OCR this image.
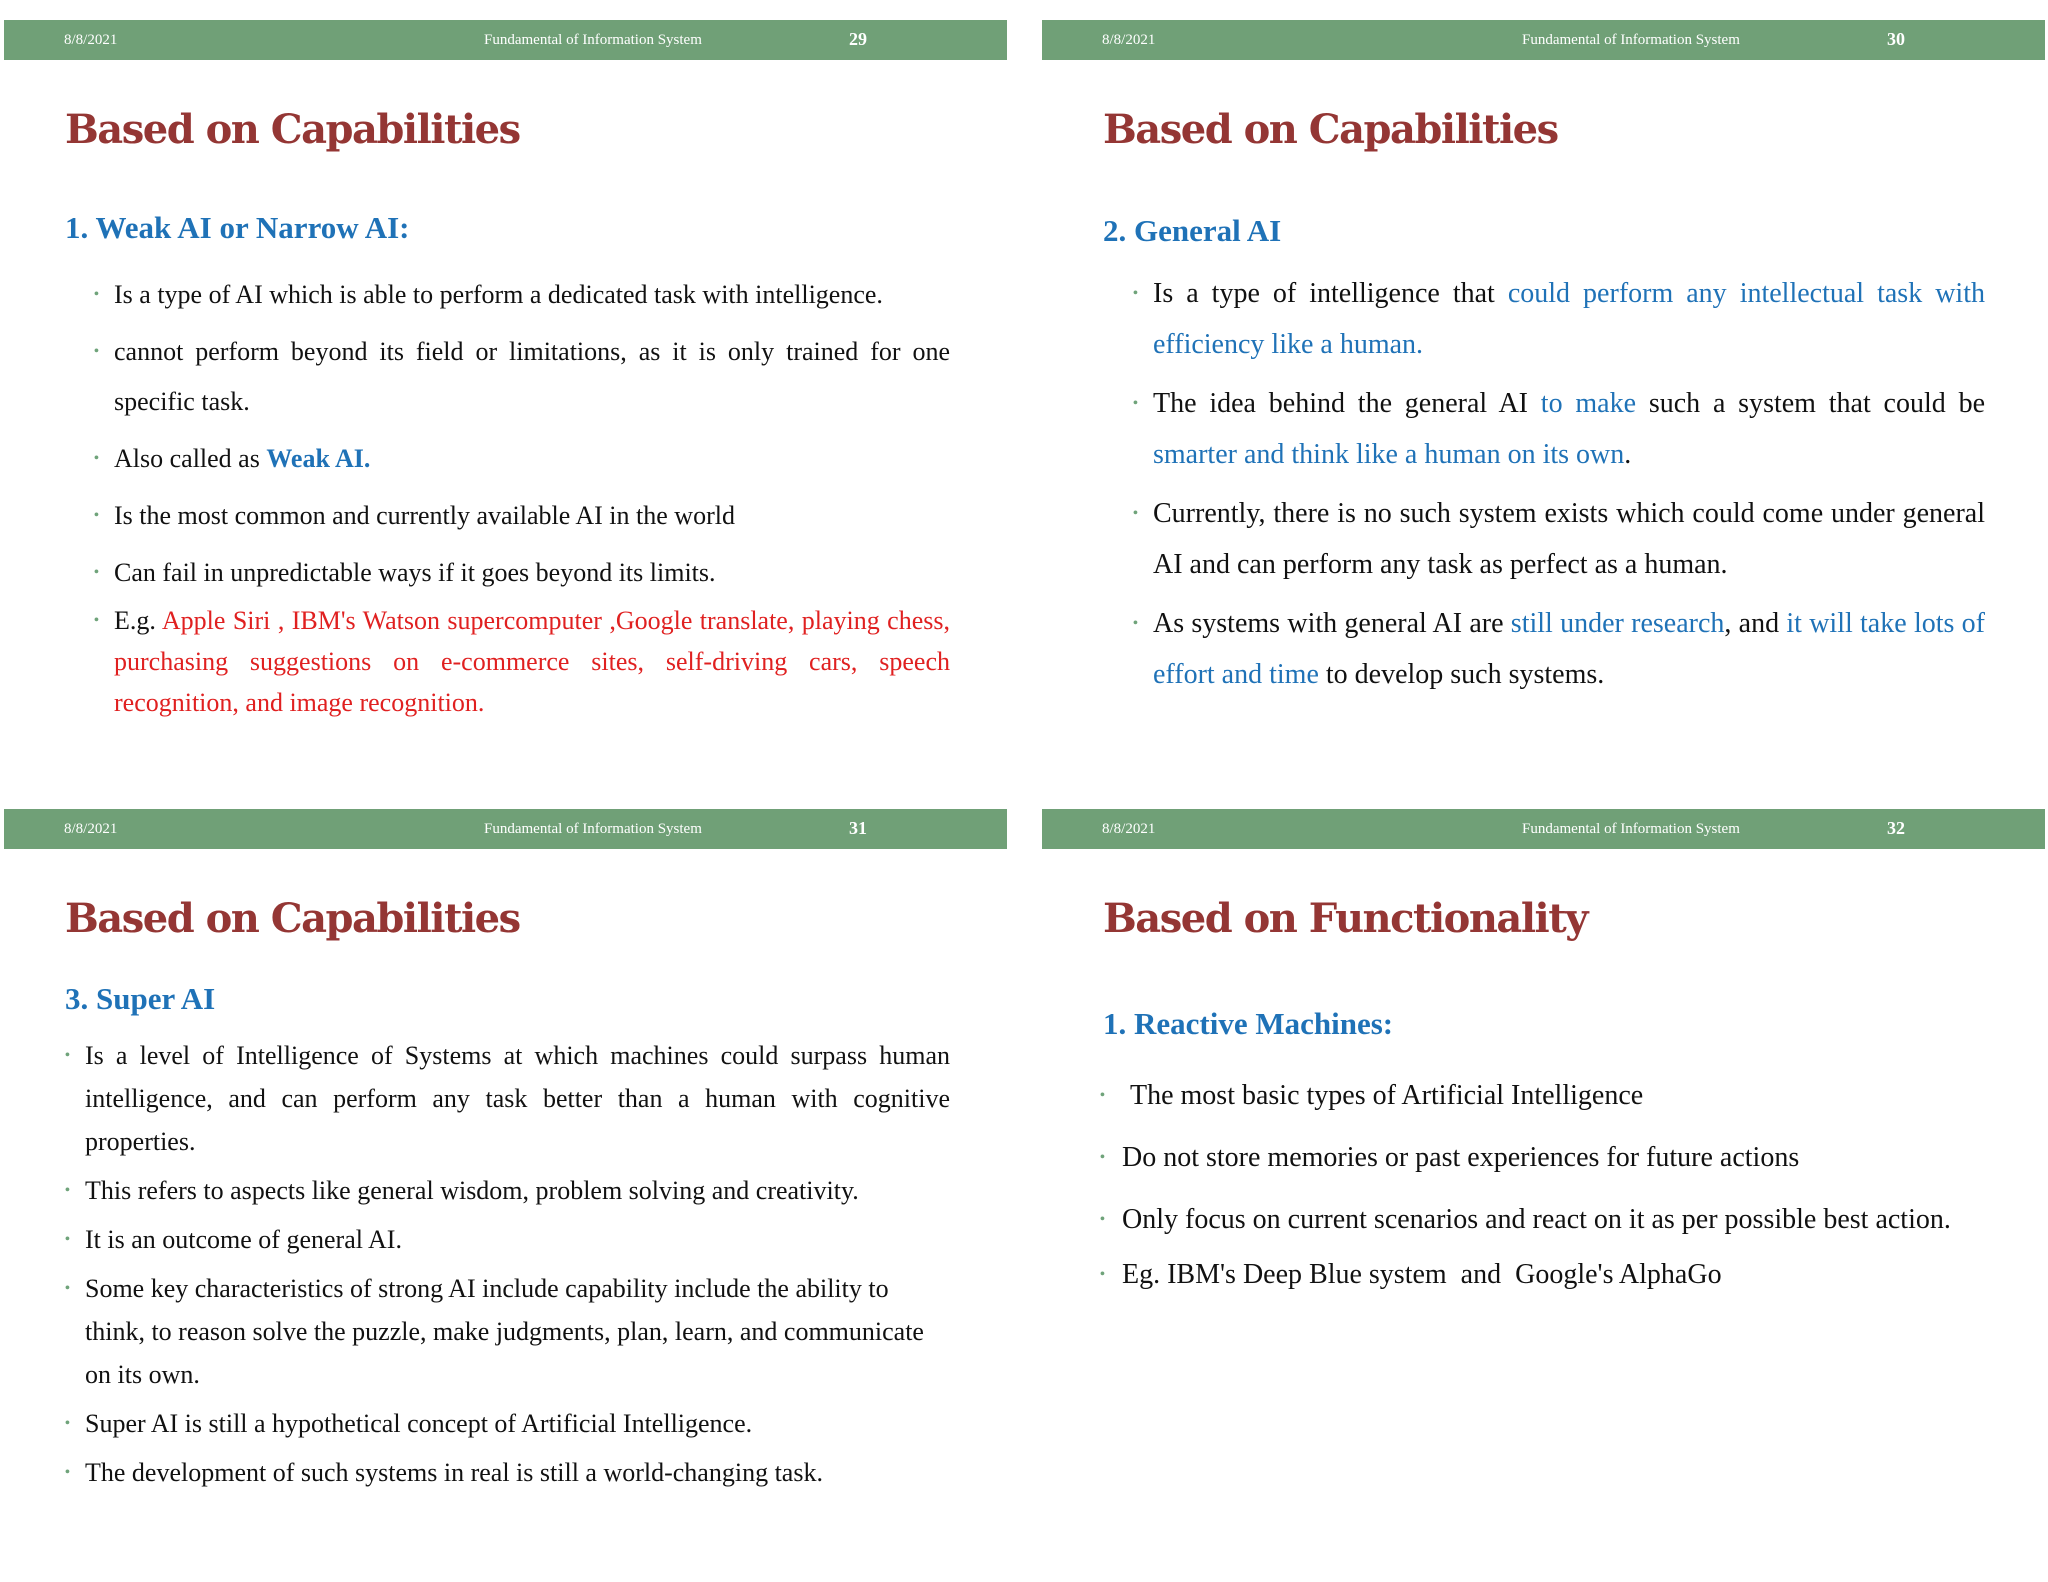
8/8/2021	Fundamental of Information System	29
Based on Capabilities
1. Weak AI or Narrow AI:
• Is a type of AI which is able to perform a dedicated task with intelligence.
• cannot perform beyond its field or limitations, as it is only trained for one specific task.
• Also called as Weak AI.
• Is the most common and currently available AI in the world
• Can fail in unpredictable ways if it goes beyond its limits.
• E.g. Apple Siri , IBM's Watson supercomputer ,Google translate, playing chess, purchasing suggestions on e-commerce sites, self-driving cars, speech recognition, and image recognition.
8/8/2021	Fundamental of Information System	30
Based on Capabilities
2. General AI
• Is a type of intelligence that could perform any intellectual task with efficiency like a human.
• The idea behind the general AI to make such a system that could be smarter and think like a human on its own.
• Currently, there is no such system exists which could come under general AI and can perform any task as perfect as a human.
• As systems with general AI are still under research, and it will take lots of effort and time to develop such systems.
8/8/2021	Fundamental of Information System	31
Based on Capabilities
3. Super AI
• Is a level of Intelligence of Systems at which machines could surpass human intelligence, and can perform any task better than a human with cognitive properties.
• This refers to aspects like general wisdom, problem solving and creativity.
• It is an outcome of general AI.
• Some key characteristics of strong AI include capability include the ability to think, to reason solve the puzzle, make judgments, plan, learn, and communicate on its own.
• Super AI is still a hypothetical concept of Artificial Intelligence.
• The development of such systems in real is still a world-changing task.
8/8/2021	Fundamental of Information System	32
Based on Functionality
1. Reactive Machines:
• The most basic types of Artificial Intelligence
• Do not store memories or past experiences for future actions
• Only focus on current scenarios and react on it as per possible best action.
• Eg. IBM's Deep Blue system  and  Google's AlphaGo
